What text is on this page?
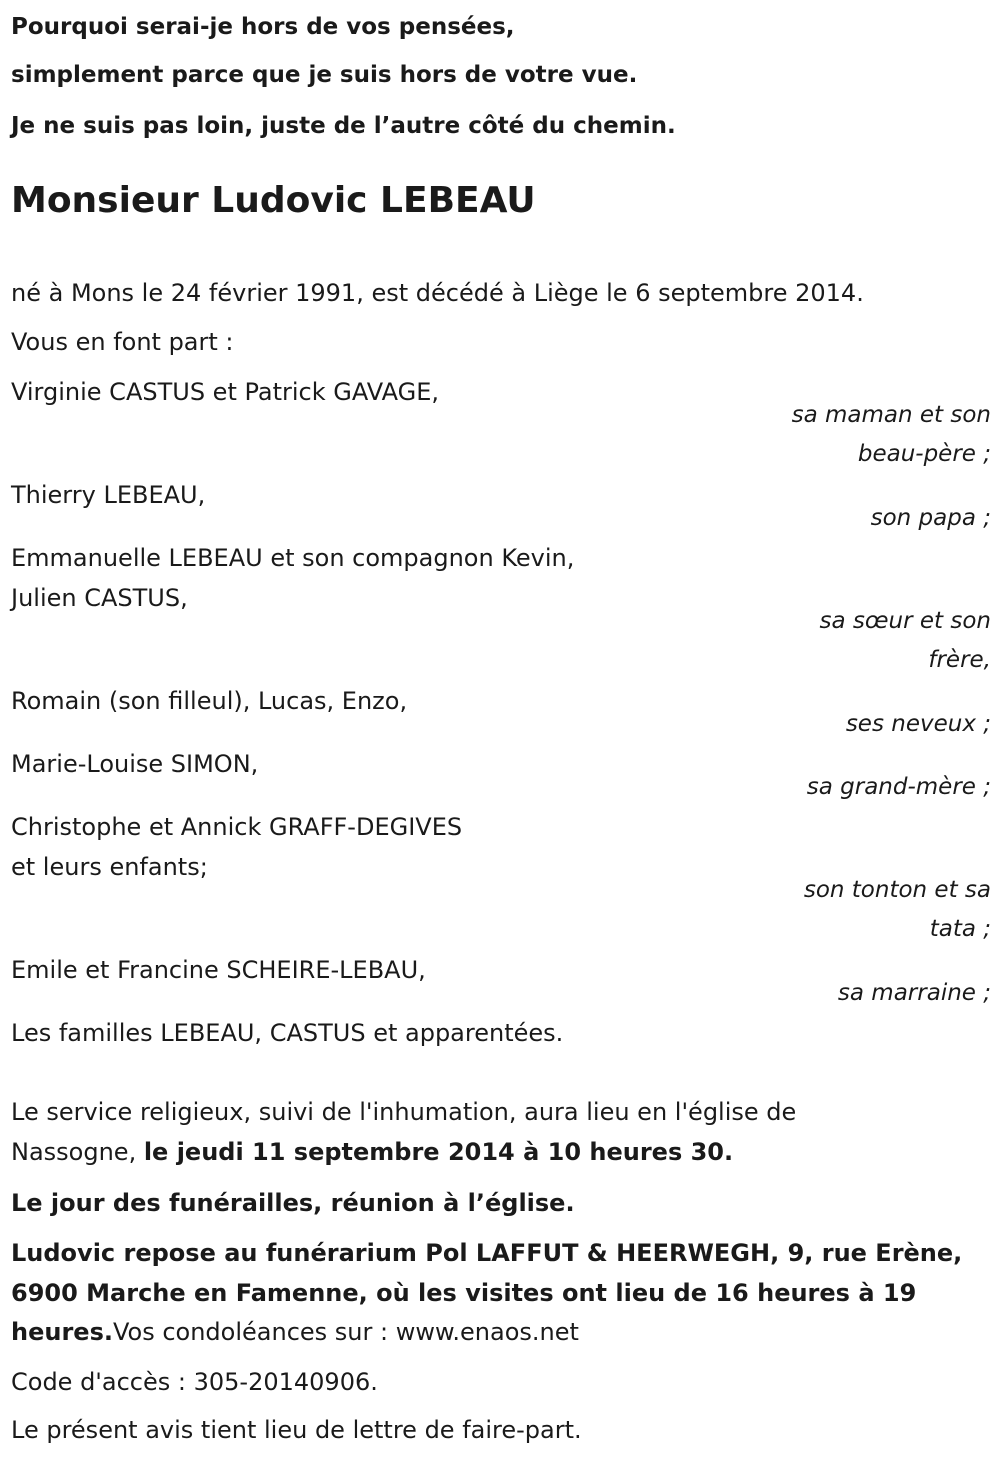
Pourquoi serai-je hors de vos pensées,
simplement parce que je suis hors de votre vue.
Je ne suis pas loin, juste de l’autre côté du chemin.
Monsieur Ludovic LEBEAU
né à Mons le 24 février 1991, est décédé à Liège le 6 septembre 2014.
Vous en font part :
Virginie CASTUS et Patrick GAVAGE,
sa maman et son
beau-père ;
Thierry LEBEAU,
son papa ;
Emmanuelle LEBEAU et son compagnon Kevin,
Julien CASTUS,
sa sœur et son
frère,
Romain (son filleul), Lucas, Enzo,
ses neveux ;
Marie-Louise SIMON,
sa grand-mère ;
Christophe et Annick GRAFF-DEGIVES
et leurs enfants;
son tonton et sa
tata ;
Emile et Francine SCHEIRE-LEBAU,
sa marraine ;
Les familles LEBEAU, CASTUS et apparentées.
Le service religieux, suivi de l'inhumation, aura lieu en l'église de
Nassogne, le jeudi 11 septembre 2014 à 10 heures 30.
Le jour des funérailles, réunion à l’église.
Ludovic repose au funérarium Pol LAFFUT & HEERWEGH, 9, rue Erène,
6900 Marche en Famenne, où les visites ont lieu de 16 heures à 19
heures.Vos condoléances sur : www.enaos.net
Code d'accès : 305-20140906.
Le présent avis tient lieu de lettre de faire-part.
